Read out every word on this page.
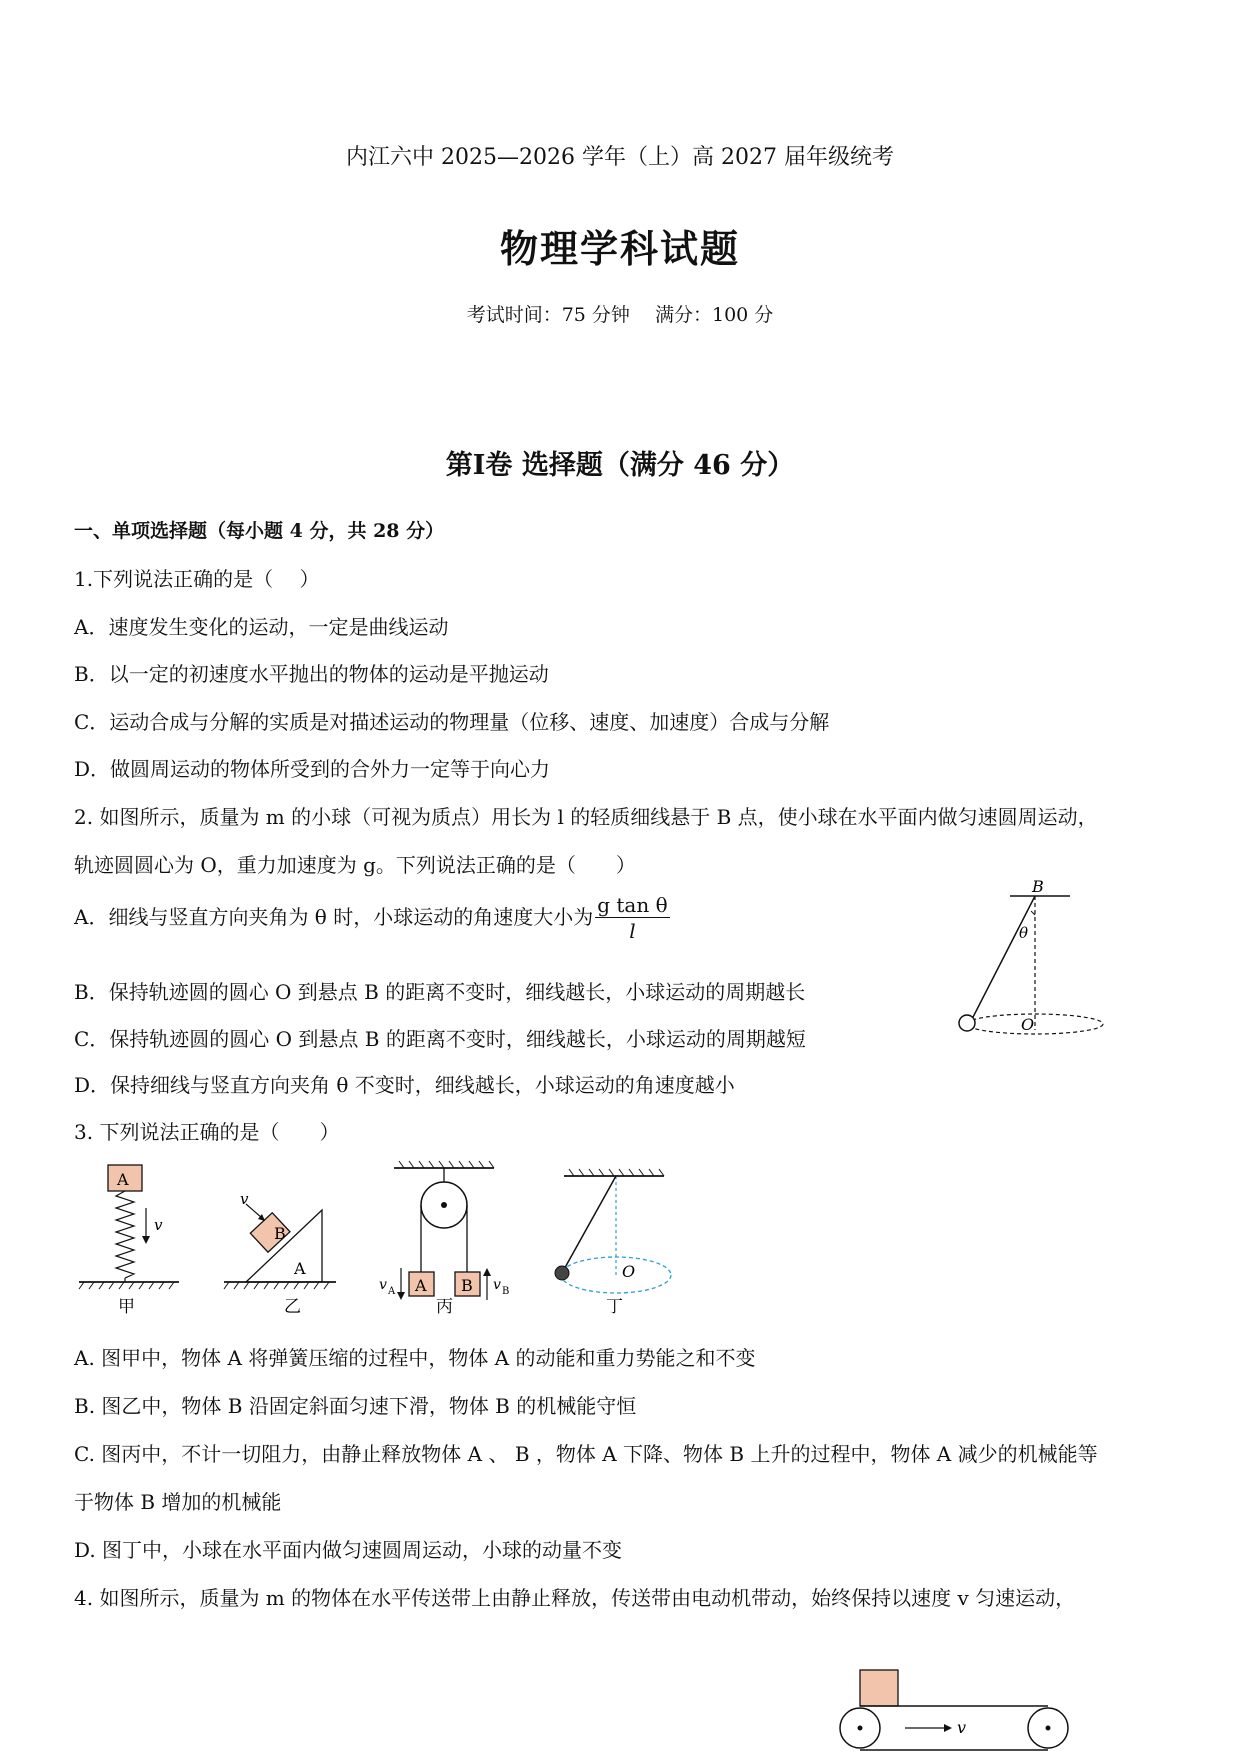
内江六中 2025—2026 学年（上）高 2027 届年级统考
物理学科试题
考试时间：75 分钟　 满分：100 分
第Ⅰ卷 选择题（满分 46 分）
一、单项选择题（每小题 4 分，共 28 分）
1.下列说法正确的是（　 ）
A．速度发生变化的运动，一定是曲线运动
B．以一定的初速度水平抛出的物体的运动是平抛运动
C．运动合成与分解的实质是对描述运动的物理量（位移、速度、加速度）合成与分解
D．做圆周运动的物体所受到的合外力一定等于向心力
2. 如图所示，质量为 m 的小球（可视为质点）用长为 l 的轻质细线悬于 B 点，使小球在水平面内做匀速圆周运动，
轨迹圆圆心为 O，重力加速度为 g。下列说法正确的是（　　）
A．细线与竖直方向夹角为 θ 时，小球运动的角速度大小为 $\frac{\text{g tan θ}}{l}$
B．保持轨迹圆的圆心 O 到悬点 B 的距离不变时，细线越长，小球运动的周期越长
C．保持轨迹圆的圆心 O 到悬点 B 的距离不变时，细线越长，小球运动的周期越短
D．保持细线与竖直方向夹角 θ 不变时，细线越长，小球运动的角速度越小
B
θ
O
3. 下列说法正确的是（　　）
A
v
甲
A
B
v
乙
A B
v A	v B
丙
O
丁
A. 图甲中，物体 A 将弹簧压缩的过程中，物体 A 的动能和重力势能之和不变
B. 图乙中，物体 B 沿固定斜面匀速下滑，物体 B 的机械能守恒
C. 图丙中，不计一切阻力，由静止释放物体 A 、 B ，物体 A 下降、物体 B 上升的过程中，物体 A 减少的机械能等
于物体 B 增加的机械能
D. 图丁中，小球在水平面内做匀速圆周运动，小球的动量不变
4. 如图所示，质量为 m 的物体在水平传送带上由静止释放，传送带由电动机带动，始终保持以速度 v 匀速运动，
v
